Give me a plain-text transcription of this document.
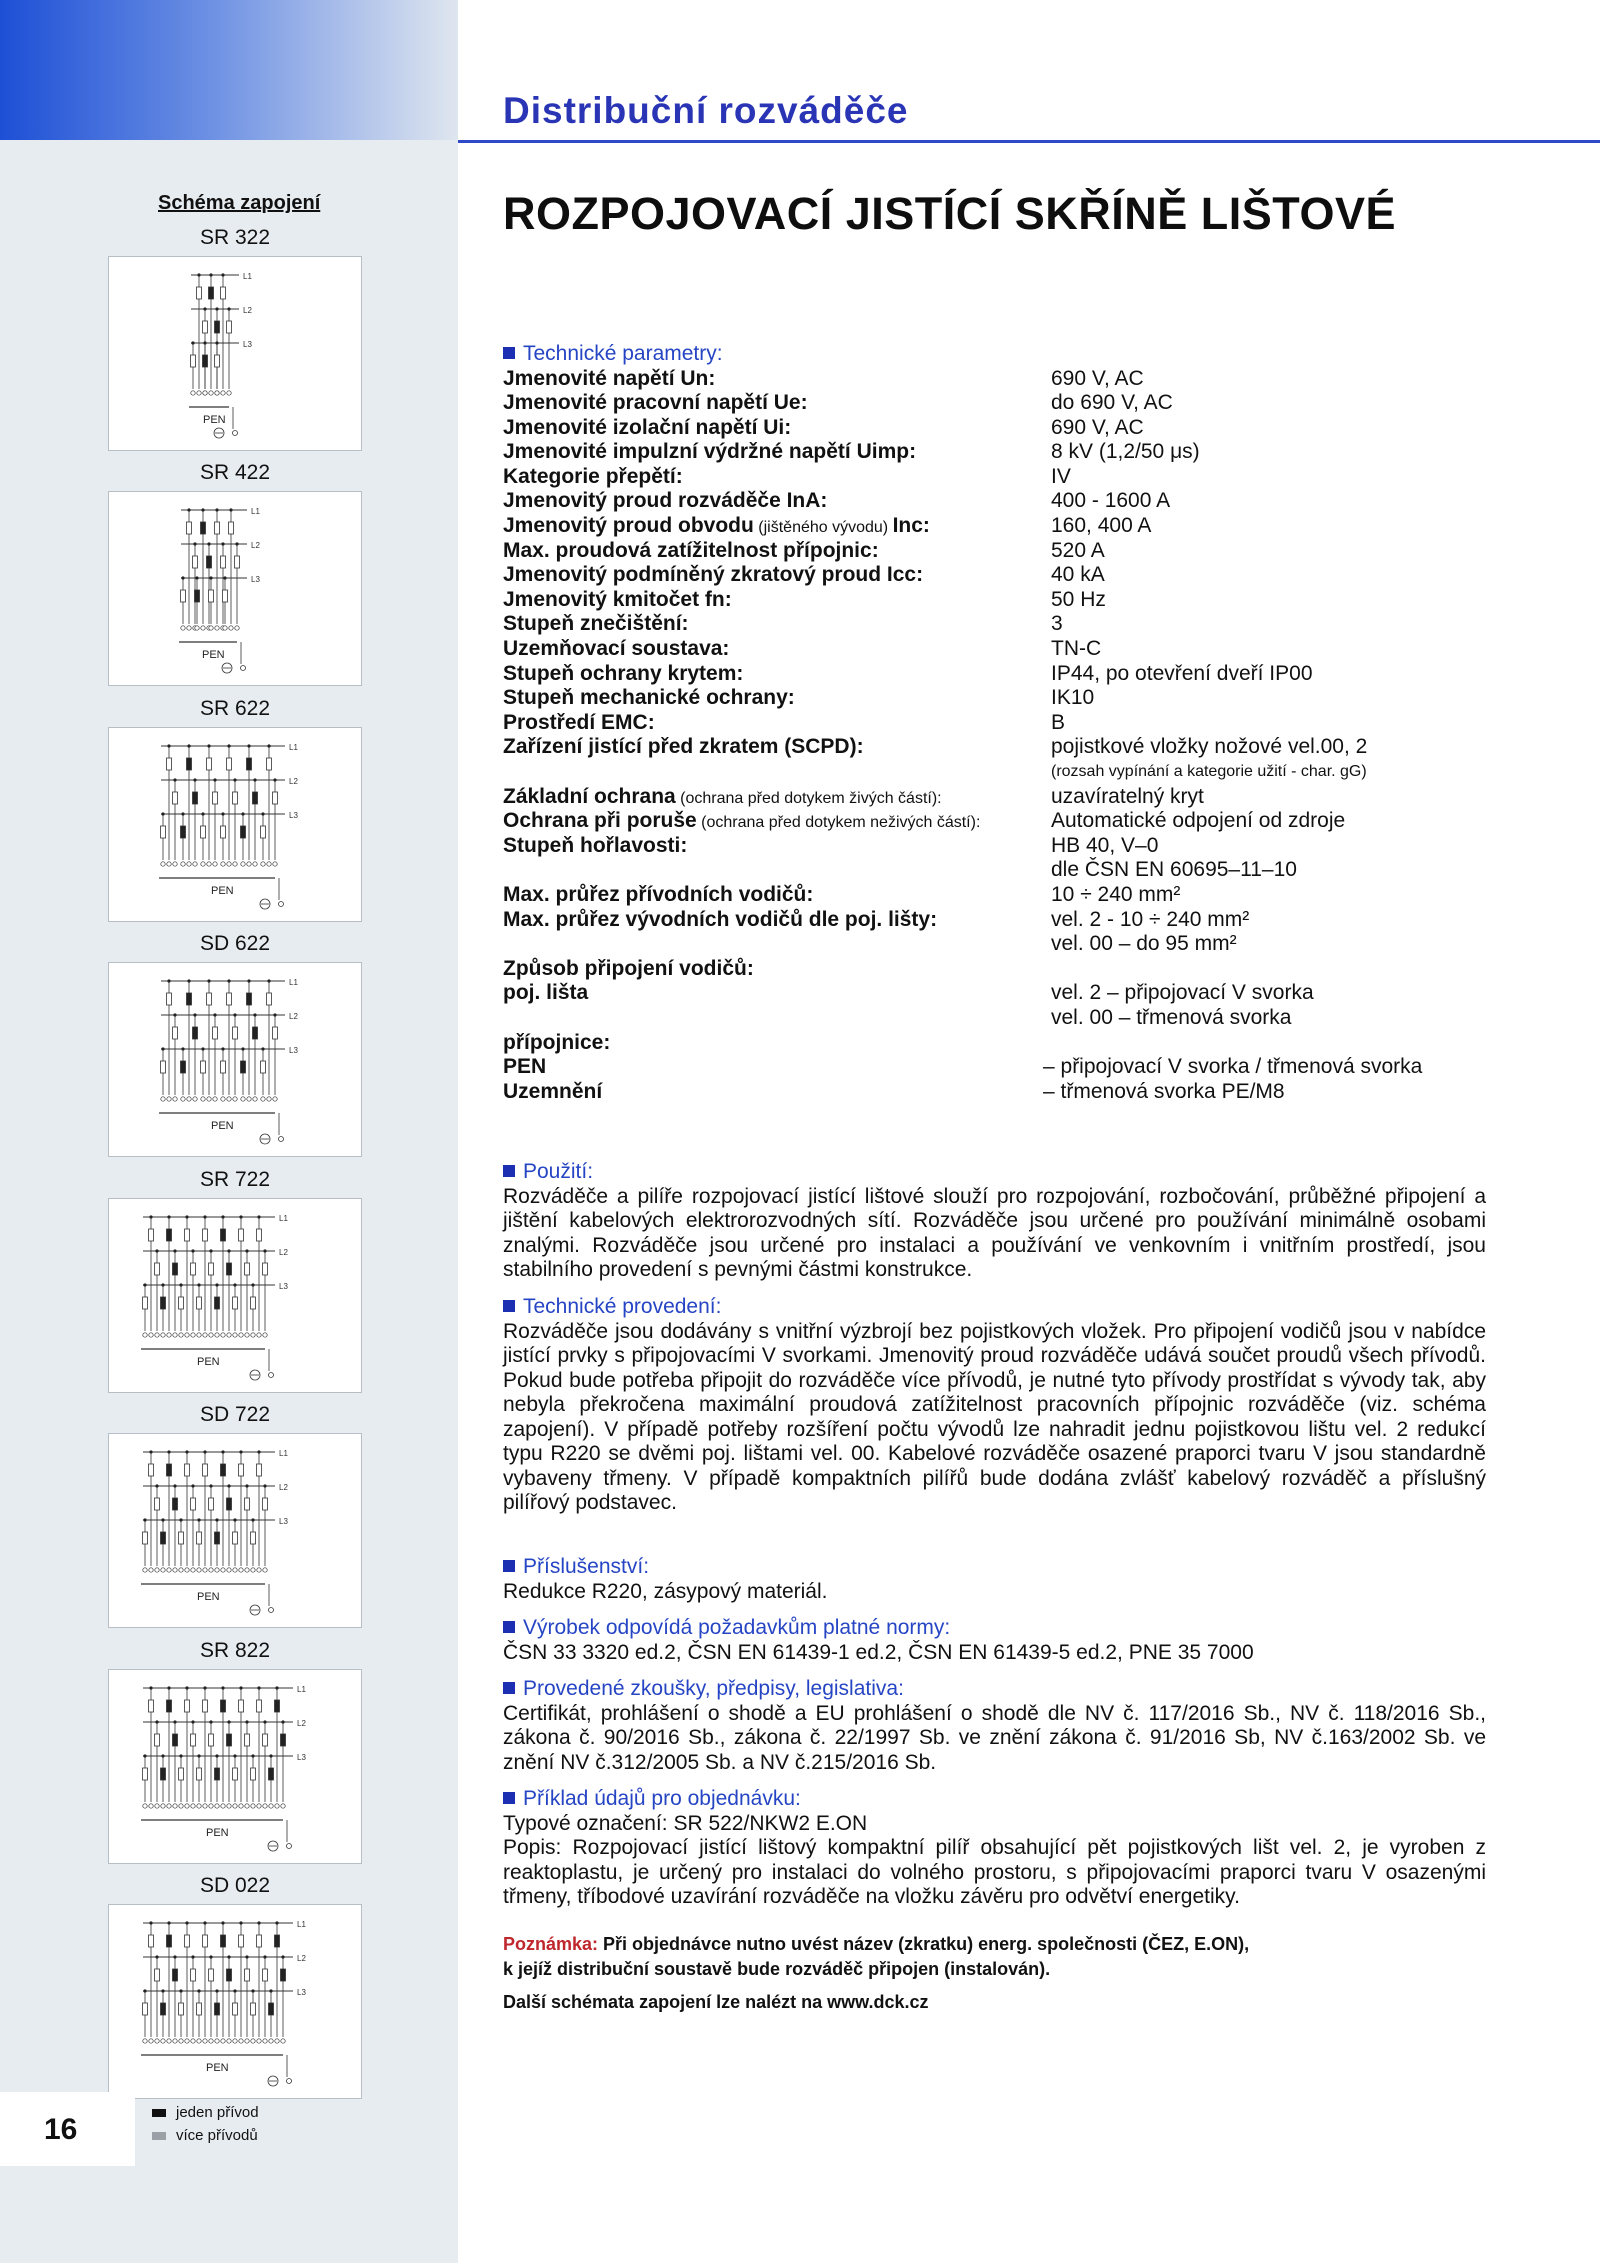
Distribuční rozváděče
ROZPOJOVACÍ JISTÍCÍ SKŘÍNĚ LIŠTOVÉ
Schéma zapojení
SR 322
L1
L2
L3
PEN
SR 422
L1
L2
L3
PEN
SR 622
L1
L2
L3
PEN
SD 622
L1
L2
L3
PEN
SR 722
L1
L2
L3
PEN
SD 722
L1
L2
L3
PEN
SR 822
L1
L2
L3
PEN
SD 022
L1
L2
L3
PEN
16
jeden přívod
více přívodů
Technické parametry:
Jmenovité napětí Un:	690 V, AC
Jmenovité pracovní napětí Ue:	do 690 V, AC
Jmenovité izolační napětí Ui:	690 V, AC
Jmenovité impulzní výdržné napětí Uimp:	8 kV (1,2/50 μs)
Kategorie přepětí:	IV
Jmenovitý proud rozváděče InA:	400 - 1600 A
Jmenovitý proud obvodu (jištěného vývodu) Inc:	160, 400 A
Max. proudová zatížitelnost přípojnic:	520 A
Jmenovitý podmíněný zkratový proud Icc:	40 kA
Jmenovitý kmitočet fn:	50 Hz
Stupeň znečištění:	3
Uzemňovací soustava:	TN-C
Stupeň ochrany krytem:	IP44, po otevření dveří IP00
Stupeň mechanické ochrany:	IK10
Prostředí EMC:	B
Zařízení jistící před zkratem (SCPD):	pojistkové vložky nožové vel.00, 2
(rozsah vypínání a kategorie užití - char. gG)
Základní ochrana (ochrana před dotykem živých částí):	uzavíratelný kryt
Ochrana při poruše (ochrana před dotykem neživých částí):	Automatické odpojení od zdroje
Stupeň hořlavosti:	HB 40, V–0
dle ČSN EN 60695–11–10
Max. průřez přívodních vodičů:	10 ÷ 240 mm²
Max. průřez vývodních vodičů dle poj. lišty:	vel. 2 - 10 ÷ 240 mm²
vel. 00 – do 95 mm²
Způsob připojení vodičů:
poj. lišta	vel. 2 – připojovací V svorka
vel. 00 – třmenová svorka
přípojnice:
PEN	– připojovací V svorka / třmenová svorka
Uzemnění	– třmenová svorka PE/M8
Použití:
Rozváděče a pilíře rozpojovací jistící lištové slouží pro rozpojování, rozbočování, průběžné připojení a jištění kabelových elektrorozvodných sítí. Rozváděče jsou určené pro používání minimálně osobami znalými. Rozváděče jsou určené pro instalaci a používání ve venkovním i vnitřním prostředí, jsou stabilního provedení s pevnými částmi konstrukce.
Technické provedení:
Rozváděče jsou dodávány s vnitřní výzbrojí bez pojistkových vložek. Pro připojení vodičů jsou v nabídce jistící prvky s připojovacími V svorkami. Jmenovitý proud rozváděče udává součet proudů všech přívodů. Pokud bude potřeba připojit do rozváděče více přívodů, je nutné tyto přívody prostřídat s vývody tak, aby nebyla překročena maximální proudová zatížitelnost pracovních přípojnic rozváděče (viz. schéma zapojení). V případě potřeby rozšíření počtu vývodů lze nahradit jednu pojistkovou lištu vel. 2 redukcí typu R220 se dvěmi poj. lištami vel. 00. Kabelové rozváděče osazené praporci tvaru V jsou standardně vybaveny třmeny. V případě kompaktních pilířů bude dodána zvlášť kabelový rozváděč a příslušný pilířový podstavec.
Příslušenství:
Redukce R220, zásypový materiál.
Výrobek odpovídá požadavkům platné normy:
ČSN 33 3320 ed.2, ČSN EN 61439-1 ed.2, ČSN EN 61439-5 ed.2, PNE 35 7000
Provedené zkoušky, předpisy, legislativa:
Certifikát, prohlášení o shodě a EU prohlášení o shodě dle NV č. 117/2016 Sb., NV č. 118/2016 Sb., zákona č. 90/2016 Sb., zákona č. 22/1997 Sb. ve znění zákona č. 91/2016 Sb, NV č.163/2002 Sb. ve znění NV č.312/2005 Sb. a NV č.215/2016 Sb.
Příklad údajů pro objednávku:
Typové označení: SR 522/NKW2 E.ON
Popis: Rozpojovací jistící lištový kompaktní pilíř obsahující pět pojistkových lišt vel. 2, je vyroben z reaktoplastu, je určený pro instalaci do volného prostoru, s připojovacími praporci tvaru V osazenými třmeny, tříbodové uzavírání rozváděče na vložku závěru pro odvětví energetiky.
Poznámka: Při objednávce nutno uvést název (zkratku) energ. společnosti (ČEZ, E.ON),
k jejíž distribuční soustavě bude rozváděč připojen (instalován).
Další schémata zapojení lze nalézt na www.dck.cz
